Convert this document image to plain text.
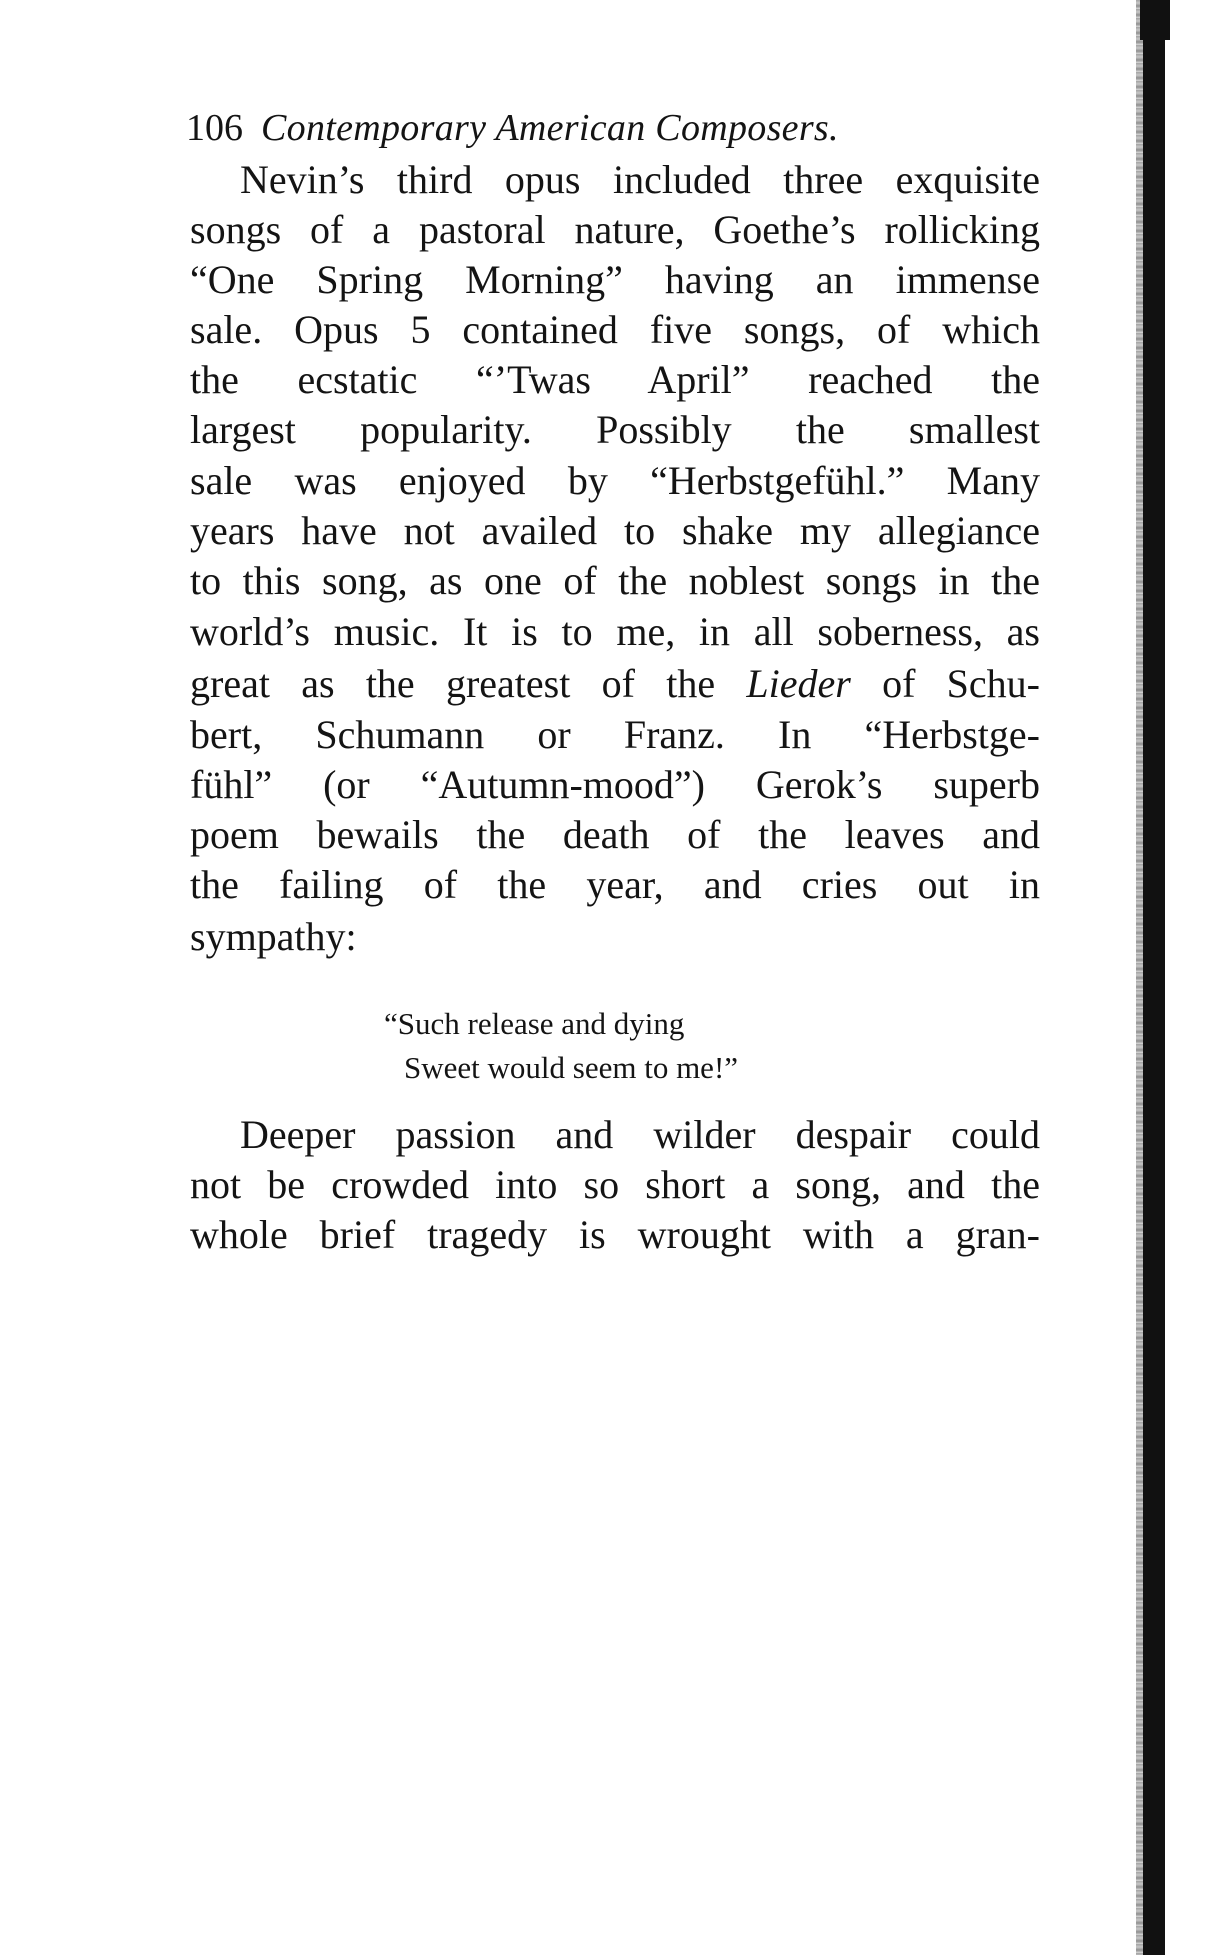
106 Contemporary American Composers.
Nevin’s third opus included three exquisite
songs of a pastoral nature, Goethe’s rollicking
“One Spring Morning” having an immense
sale. Opus 5 contained five songs, of which
the ecstatic “’Twas April” reached the
largest popularity. Possibly the smallest
sale was enjoyed by “Herbstgefühl.” Many
years have not availed to shake my allegiance
to this song, as one of the noblest songs in the
world’s music. It is to me, in all soberness, as
great as the greatest of the Lieder of Schu-
bert, Schumann or Franz. In “Herbstge-
fühl” (or “Autumn-mood”) Gerok’s superb
poem bewails the death of the leaves and
the failing of the year, and cries out in
sympathy:
“Such release and dying
Sweet would seem to me!”
Deeper passion and wilder despair could
not be crowded into so short a song, and the
whole brief tragedy is wrought with a gran-
